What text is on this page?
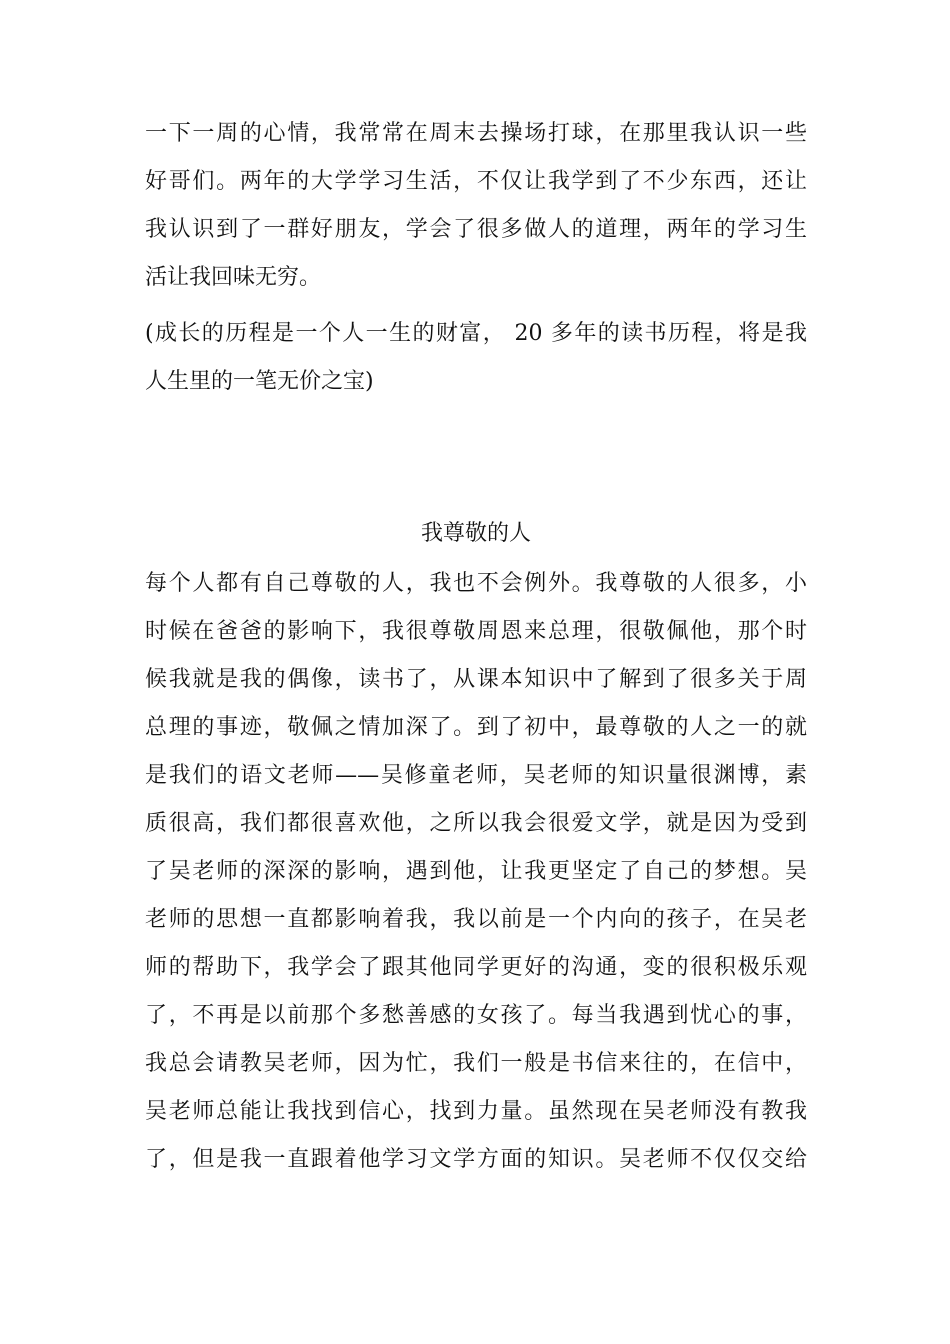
一下一周的心情，我常常在周末去操场打球，在那里我认识一些
好哥们。两年的大学学习生活，不仅让我学到了不少东西，还让
我认识到了一群好朋友，学会了很多做人的道理，两年的学习生
活让我回味无穷。
(成长的历程是一个人一生的财富， 20 多年的读书历程，将是我
人生里的一笔无价之宝)
我尊敬的人
每个人都有自己尊敬的人，我也不会例外。我尊敬的人很多，小
时候在爸爸的影响下，我很尊敬周恩来总理，很敬佩他，那个时
候我就是我的偶像，读书了，从课本知识中了解到了很多关于周
总理的事迹，敬佩之情加深了。到了初中，最尊敬的人之一的就
是我们的语文老师——吴修童老师，吴老师的知识量很渊博，素
质很高，我们都很喜欢他，之所以我会很爱文学，就是因为受到
了吴老师的深深的影响，遇到他，让我更坚定了自己的梦想。吴
老师的思想一直都影响着我，我以前是一个内向的孩子，在吴老
师的帮助下，我学会了跟其他同学更好的沟通，变的很积极乐观
了，不再是以前那个多愁善感的女孩了。每当我遇到忧心的事，
我总会请教吴老师，因为忙，我们一般是书信来往的，在信中，
吴老师总能让我找到信心，找到力量。虽然现在吴老师没有教我
了，但是我一直跟着他学习文学方面的知识。吴老师不仅仅交给
